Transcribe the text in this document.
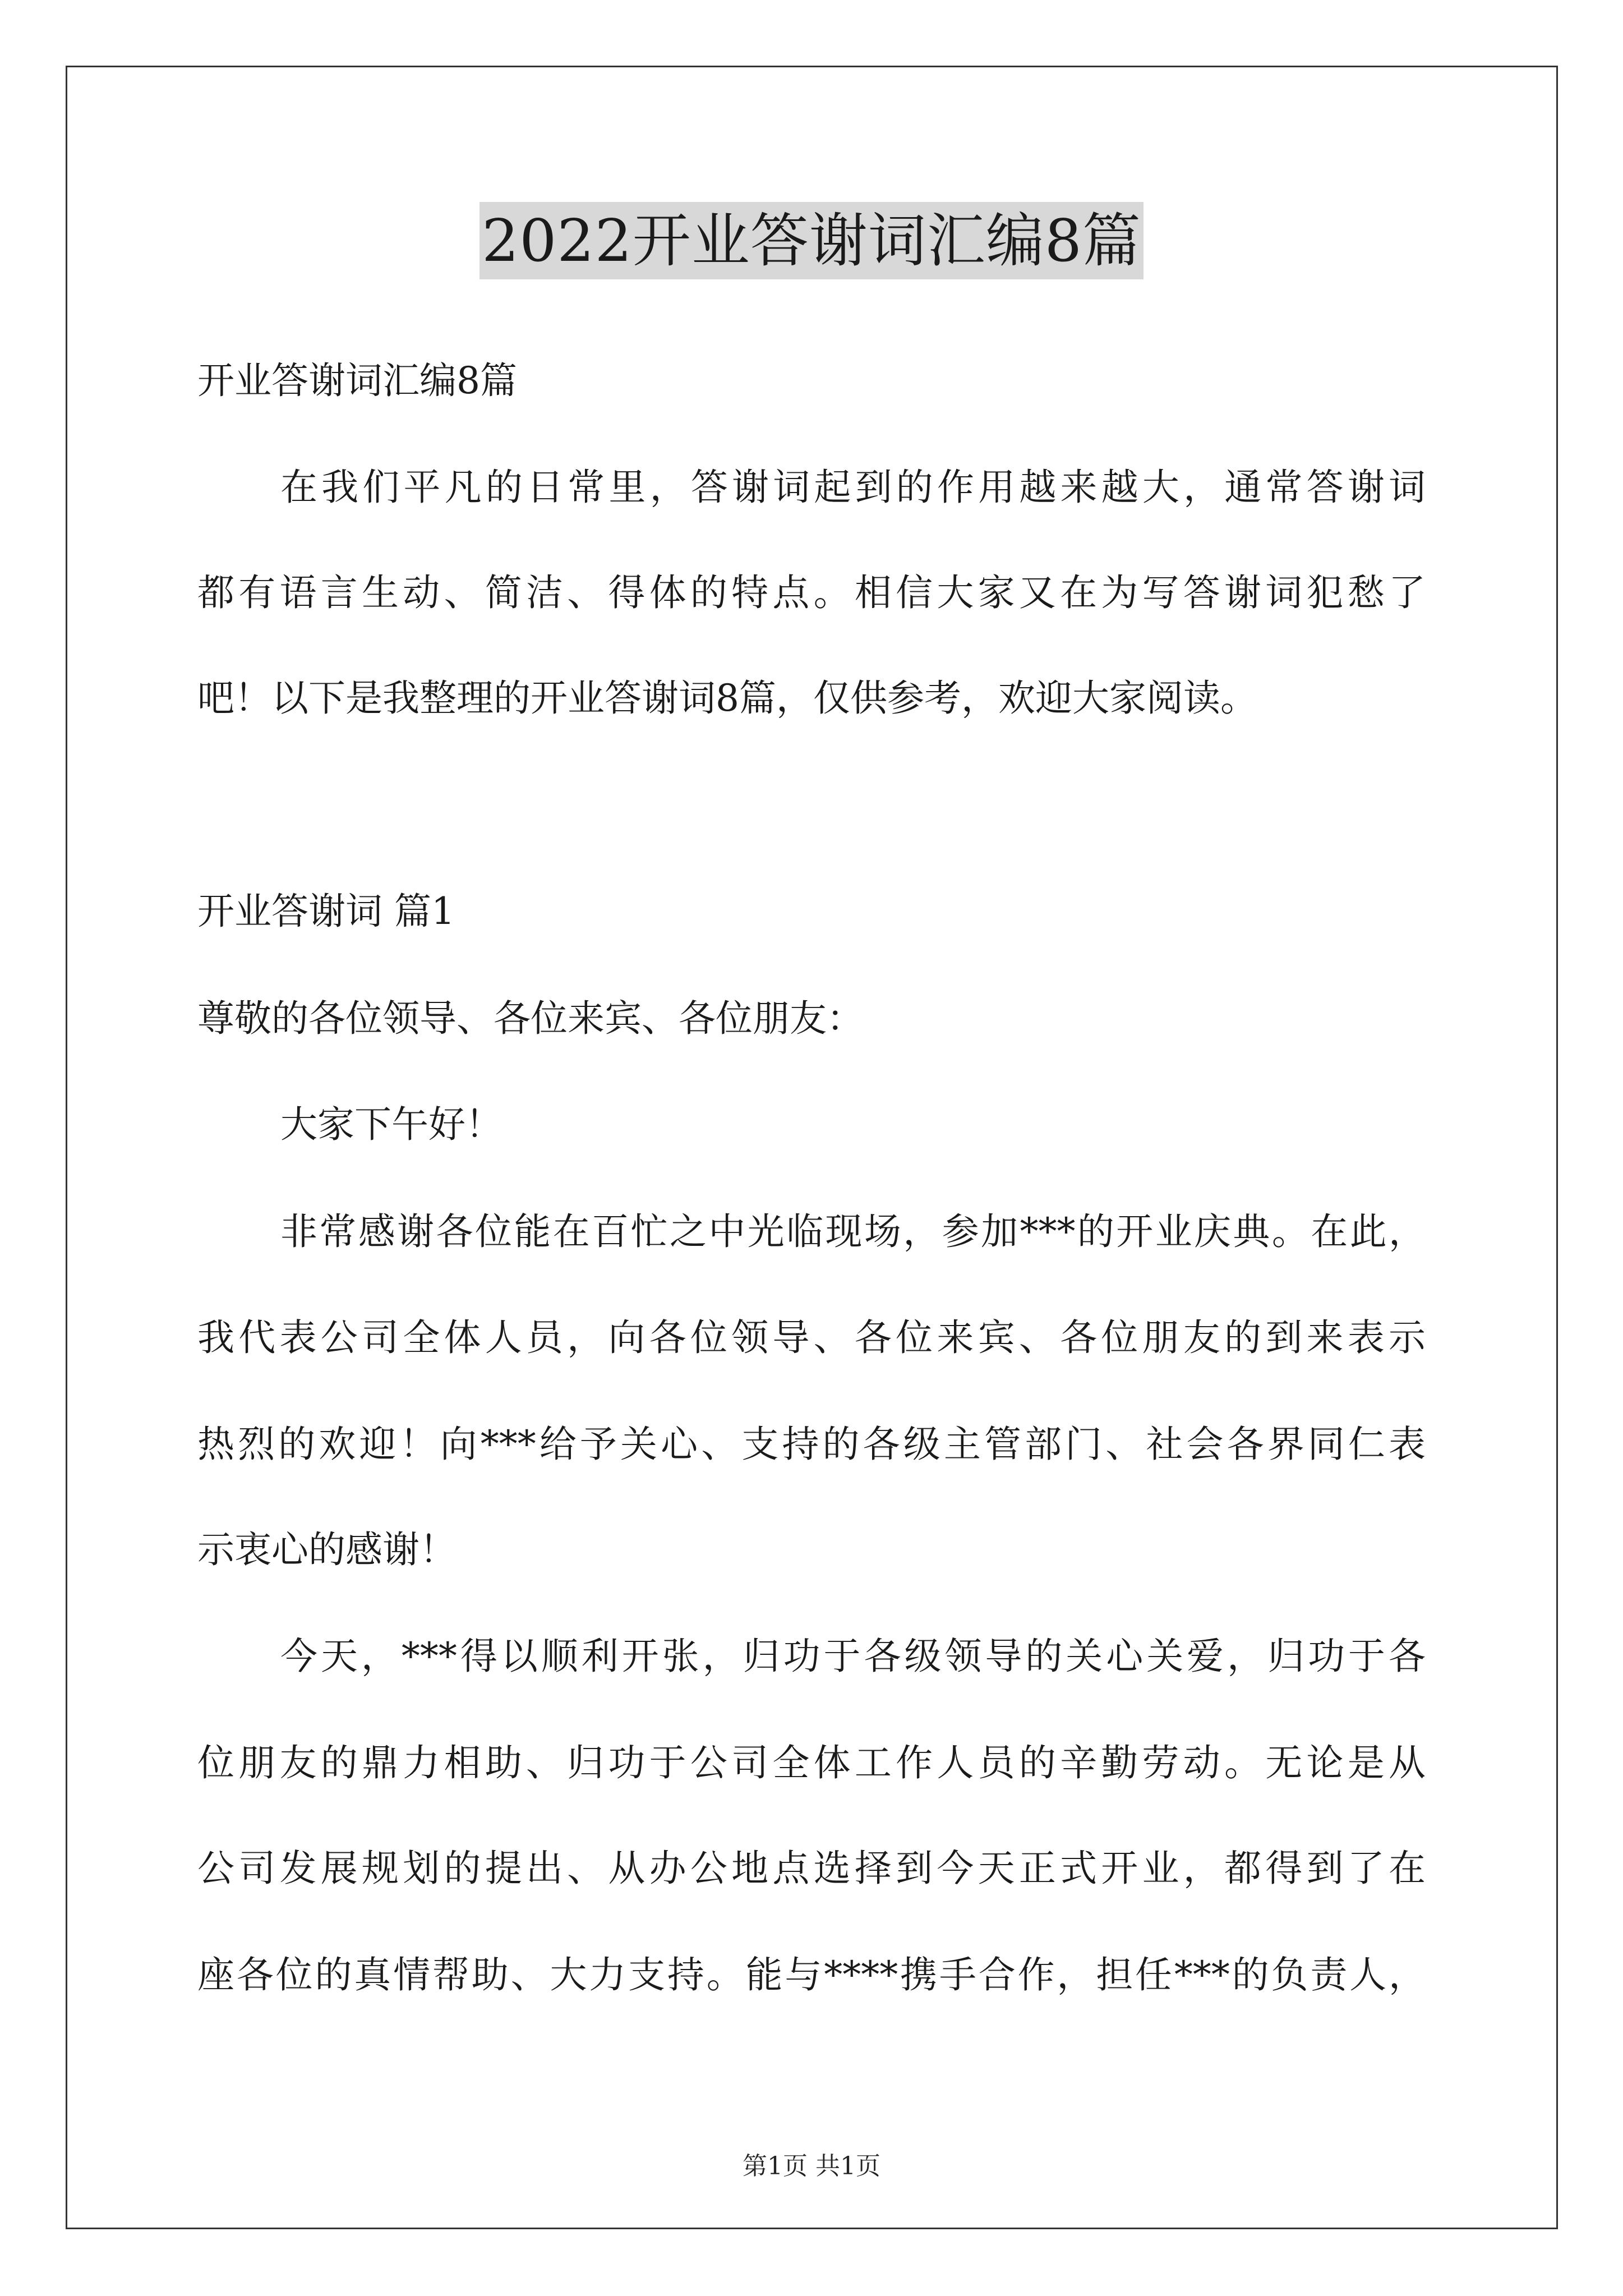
2022开业答谢词汇编8篇
开业答谢词汇编8篇
在我们平凡的日常里，答谢词起到的作用越来越大，通常答谢词
都有语言生动、简洁、得体的特点。相信大家又在为写答谢词犯愁了
吧！以下是我整理的开业答谢词8篇，仅供参考，欢迎大家阅读。
开业答谢词 篇1
尊敬的各位领导、各位来宾、各位朋友：
大家下午好！
非常感谢各位能在百忙之中光临现场，参加***的开业庆典。在此，
我代表公司全体人员，向各位领导、各位来宾、各位朋友的到来表示
热烈的欢迎！向***给予关心、支持的各级主管部门、社会各界同仁表
示衷心的感谢！
今天，***得以顺利开张，归功于各级领导的关心关爱，归功于各
位朋友的鼎力相助、归功于公司全体工作人员的辛勤劳动。无论是从
公司发展规划的提出、从办公地点选择到今天正式开业，都得到了在
座各位的真情帮助、大力支持。能与****携手合作，担任***的负责人，
第1页 共1页
